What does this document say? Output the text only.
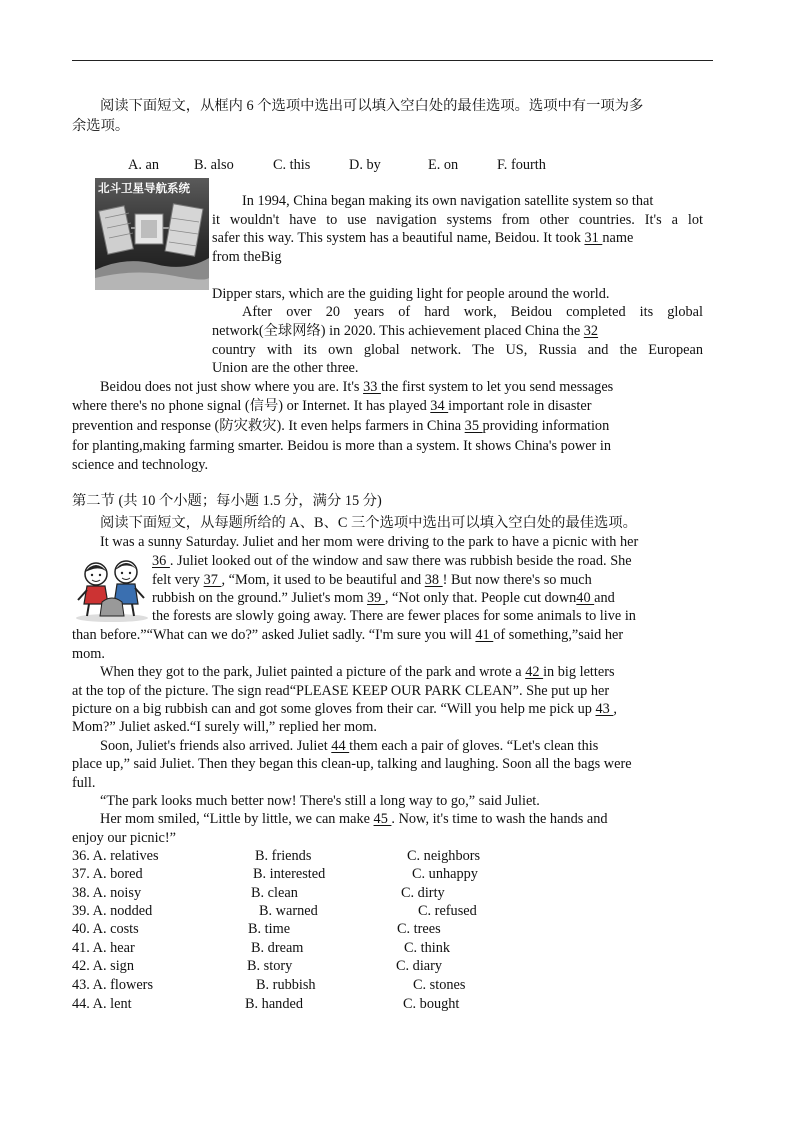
阅读下面短文，从框内 6 个选项中选出可以填入空白处的最佳选项。选项中有一项为多
余选项。
A. an B. also	C. this	D. by	E. on	F. fourth
北斗卫星导航系统
In 1994, China began making its own navigation satellite system so that
it wouldn't have to use navigation systems from other countries. It's a lot
safer this way. This system has a beautiful name, Beidou. It took 31 name
from theBig
Dipper stars, which are the guiding light for people around the world.
After over 20 years of hard work, Beidou completed its global
network(全球网络) in 2020. This achievement placed China the 32
country with its own global network. The US, Russia and the European
Union are the other three.
Beidou does not just show where you are. It's 33 the first system to let you send messages
where there's no phone signal (信号) or Internet. It has played 34 important role in disaster
prevention and response (防灾救灾). It even helps farmers in China 35 providing information
for planting,making farming smarter. Beidou is more than a system. It shows China's power in
science and technology.
第二节 (共 10 个小题；每小题 1.5 分，满分 15 分)
阅读下面短文，从每题所给的 A、B、C 三个选项中选出可以填入空白处的最佳选项。
It was a sunny Saturday. Juliet and her mom were driving to the park to have a picnic with her
36 . Juliet looked out of the window and saw there was rubbish beside the road. She
felt very 37 , “Mom, it used to be beautiful and 38 ! But now there's so much
rubbish on the ground.” Juliet's mom 39 , “Not only that. People cut down40 and
the forests are slowly going away. There are fewer places for some animals to live in
than before.”“What can we do?” asked Juliet sadly. “I'm sure you will 41 of something,”said her
mom.
When they got to the park, Juliet painted a picture of the park and wrote a 42 in big letters
at the top of the picture. The sign read“PLEASE KEEP OUR PARK CLEAN”. She put up her
picture on a big rubbish can and got some gloves from their car. “Will you help me pick up 43 ,
Mom?” Juliet asked.“I surely will,” replied her mom.
Soon, Juliet's friends also arrived. Juliet 44 them each a pair of gloves. “Let's clean this
place up,” said Juliet. Then they began this clean-up, talking and laughing. Soon all the bags were
full.
“The park looks much better now! There's still a long way to go,” said Juliet.
Her mom smiled, “Little by little, we can make 45 . Now, it's time to wash the hands and
enjoy our picnic!”
36. A. relatives	B. friends	C. neighbors
37. A. bored	B. interested	C. unhappy
38. A. noisy	B. clean	C. dirty
39. A. nodded	B. warned	C. refused
40. A. costs	B. time	C. trees
41. A. hear	B. dream	C. think
42. A. sign	B. story	C. diary
43. A. flowers	B. rubbish	C. stones
44. A. lent	B. handed	C. bought
